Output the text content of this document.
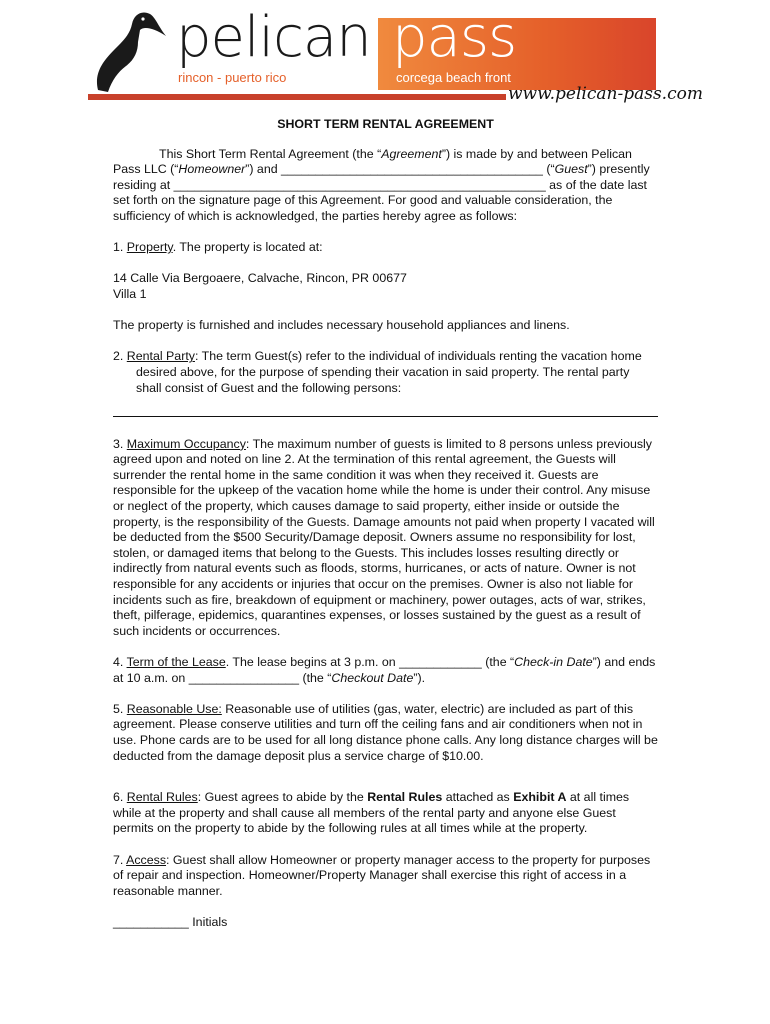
pelican
rincon - puerto rico
pass
corcega beach front
www.pelican-pass.com
SHORT TERM RENTAL AGREEMENT

This Short Term Rental Agreement (the “Agreement”) is made by and between Pelican Pass LLC (“Homeowner”) and ______________________________________ (“Guest”) presently residing at ______________________________________________________ as of the date last set forth on the signature page of this Agreement. For good and valuable consideration, the sufficiency of which is acknowledged, the parties hereby agree as follows:

1. Property. The property is located at:

14 Calle Via Bergoaere, Calvache, Rincon, PR 00677
Villa 1

The property is furnished and includes necessary household appliances and linens.

2. Rental Party: The term Guest(s) refer to the individual of individuals renting the vacation home desired above, for the purpose of spending their vacation in said property. The rental party shall consist of Guest and the following persons:

3. Maximum Occupancy: The maximum number of guests is limited to 8 persons unless previously agreed upon and noted on line 2. At the termination of this rental agreement, the Guests will surrender the rental home in the same condition it was when they received it. Guests are responsible for the upkeep of the vacation home while the home is under their control. Any misuse or neglect of the property, which causes damage to said property, either inside or outside the property, is the responsibility of the Guests. Damage amounts not paid when property I vacated will be deducted from the $500 Security/Damage deposit. Owners assume no responsibility for lost, stolen, or damaged items that belong to the Guests. This includes losses resulting directly or indirectly from natural events such as floods, storms, hurricanes, or acts of nature. Owner is not responsible for any accidents or injuries that occur on the premises. Owner is also not liable for incidents such as fire, breakdown of equipment or machinery, power outages, acts of war, strikes, theft, pilferage, epidemics, quarantines expenses, or losses sustained by the guest as a result of such incidents or occurrences.

4. Term of the Lease. The lease begins at 3 p.m. on ____________ (the “Check-in Date”) and ends at 10 a.m. on ________________ (the “Checkout Date”).

5. Reasonable Use: Reasonable use of utilities (gas, water, electric) are included as part of this agreement. Please conserve utilities and turn off the ceiling fans and air conditioners when not in use. Phone cards are to be used for all long distance phone calls. Any long distance charges will be deducted from the damage deposit plus a service charge of $10.00.

6. Rental Rules: Guest agrees to abide by the Rental Rules attached as Exhibit A at all times while at the property and shall cause all members of the rental party and anyone else Guest permits on the property to abide by the following rules at all times while at the property.

7. Access: Guest shall allow Homeowner or property manager access to the property for purposes of repair and inspection. Homeowner/Property Manager shall exercise this right of access in a reasonable manner.

___________ Initials
